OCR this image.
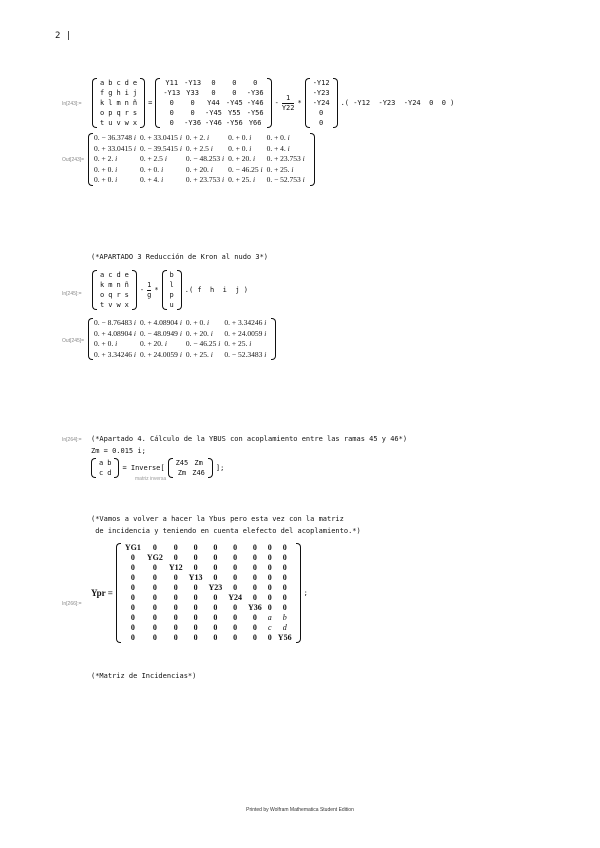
2 |
In[243]:=
a	b	c	d	e
f	g	h	i	j
k	l	m	n	ñ
o	p	q	r	s
t	u	v	w	x
=
Y11	-Y13	0	0	0
-Y13	Y33	0	0	-Y36
0	0	Y44	-Y45	-Y46
0	0	-Y45	Y55	-Y56
0	-Y36	-Y46	-Y56	Y66
- $\frac{1}{Y22}$ *
-Y12
-Y23
-Y24
0
0
.( -Y12  -Y23  -Y24  0  0 )
Out[243]=
0. − 36.3748 i	0. + 33.0415 i	0. + 2. i	0. + 0. i	0. + 0. i
0. + 33.0415 i	0. − 39.5415 i	0. + 2.5 i	0. + 0. i	0. + 4. i
0. + 2. i	0. + 2.5 i	0. − 48.253 i	0. + 20. i	0. + 23.753 i
0. + 0. i	0. + 0. i	0. + 20. i	0. − 46.25 i	0. + 25. i
0. + 0. i	0. + 4. i	0. + 23.753 i	0. + 25. i	0. − 52.753 i
(*APARTADO 3 Reducción de Kron al nudo 3*)
In[245]:=
a	c	d	e
k	m	n	ñ
o	q	r	s
t	v	w	x
- $\frac{1}{g}$ *
b
l
p
u
.( f  h  i  j )
Out[245]=
0. − 8.76483 i	0. + 4.08904 i	0. + 0. i	0. + 3.34246 i
0. + 4.08904 i	0. − 48.0949 i	0. + 20. i	0. + 24.0059 i
0. + 0. i	0. + 20. i	0. − 46.25 i	0. + 25. i
0. + 3.34246 i	0. + 24.0059 i	0. + 25. i	0. − 52.3483 i
In[264]:= (*Apartado 4. Cálculo de la YBUS con acoplamiento entre las ramas 45 y 46*)
Zm = 0.015 i;
a	b
c	d
= Inverse[
Z45	Zm
Zm	Z46
];
matriz inversa
(*Vamos a volver a hacer la Ybus pero esta vez con la matriz
de incidencia y teniendo en cuenta elefecto del acoplamiento.*)
In[266]:=
Ypr =
YG1	0	0	0	0	0	0	0	0
0	YG2	0	0	0	0	0	0	0
0	0	Y12	0	0	0	0	0	0
0	0	0	Y13	0	0	0	0	0
0	0	0	0	Y23	0	0	0	0
0	0	0	0	0	Y24	0	0	0
0	0	0	0	0	0	Y36	0	0
0	0	0	0	0	0	0	a	b
0	0	0	0	0	0	0	c	d
0	0	0	0	0	0	0	0	Y56
;
(*Matriz de Incidencias*)
Printed by Wolfram Mathematica Student Edition
